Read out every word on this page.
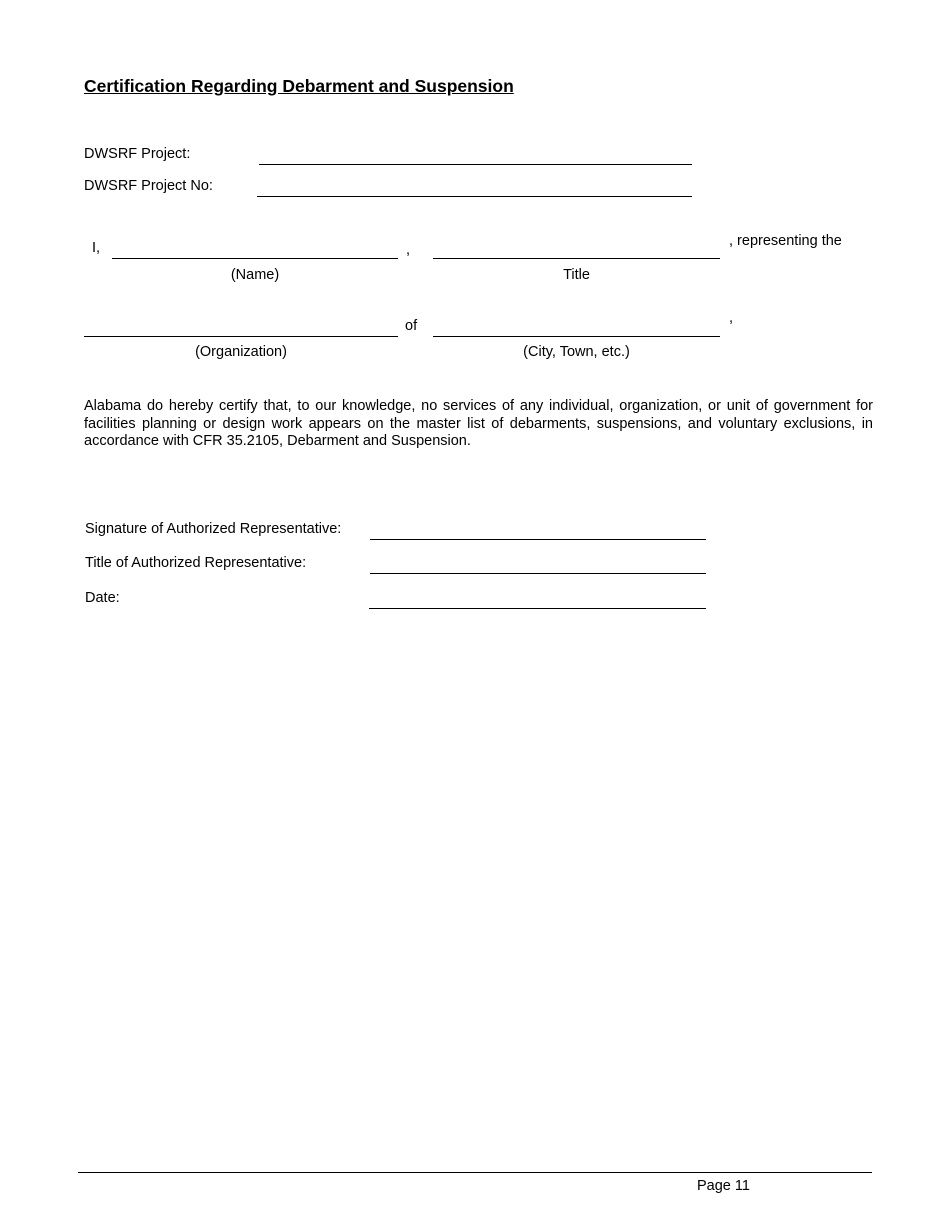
Certification Regarding Debarment and Suspension
DWSRF Project:
DWSRF Project No:
I,	,
, representing the
(Name)	Title
of	,
(Organization)	(City, Town, etc.)
Alabama do hereby certify that, to our knowledge, no services of any individual, organization, or unit of government for facilities planning or design work appears on the master list of debarments, suspensions, and voluntary exclusions, in accordance with CFR 35.2105, Debarment and Suspension.
Signature of Authorized Representative:
Title of Authorized Representative:
Date:
Page 11
